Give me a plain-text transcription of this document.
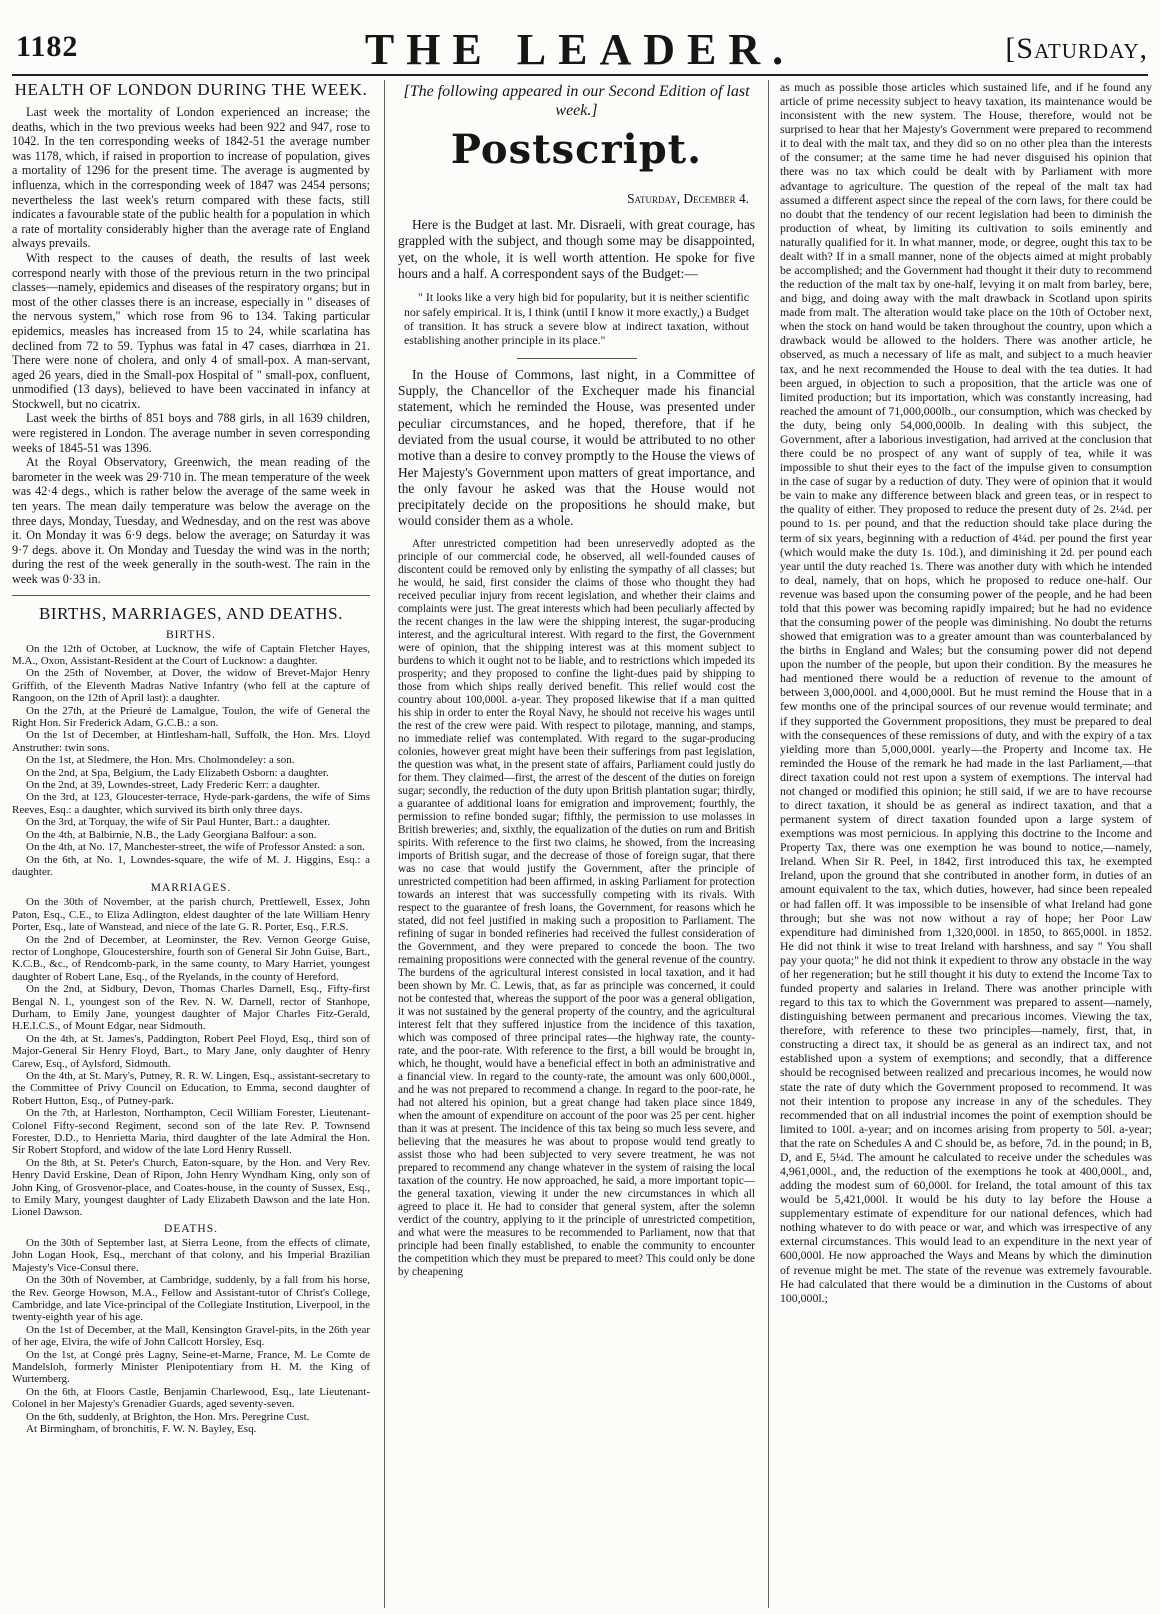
1182	THE LEADER.	[Saturday,
HEALTH OF LONDON DURING THE WEEK.

Last week the mortality of London experienced an increase; the deaths, which in the two previous weeks had been 922 and 947, rose to 1042. In the ten corresponding weeks of 1842-51 the average number was 1178, which, if raised in proportion to increase of population, gives a mortality of 1296 for the present time. The average is augmented by influenza, which in the corresponding week of 1847 was 2454 persons; nevertheless the last week's return compared with these facts, still indicates a favourable state of the public health for a population in which a rate of mortality considerably higher than the average rate of England always prevails.

With respect to the causes of death, the results of last week correspond nearly with those of the previous return in the two principal classes—namely, epidemics and diseases of the respiratory organs; but in most of the other classes there is an increase, especially in " diseases of the nervous system," which rose from 96 to 134. Taking particular epidemics, measles has increased from 15 to 24, while scarlatina has declined from 72 to 59. Typhus was fatal in 47 cases, diarrhœa in 21. There were none of cholera, and only 4 of small-pox. A man-servant, aged 26 years, died in the Small-pox Hospital of " small-pox, confluent, unmodified (13 days), believed to have been vaccinated in infancy at Stockwell, but no cicatrix.

Last week the births of 851 boys and 788 girls, in all 1639 children, were registered in London. The average number in seven corresponding weeks of 1845-51 was 1396.

At the Royal Observatory, Greenwich, the mean reading of the barometer in the week was 29·710 in. The mean temperature of the week was 42·4 degs., which is rather below the average of the same week in ten years. The mean daily temperature was below the average on the three days, Monday, Tuesday, and Wednesday, and on the rest was above it. On Monday it was 6·9 degs. below the average; on Saturday it was 9·7 degs. above it. On Monday and Tuesday the wind was in the north; during the rest of the week generally in the south-west. The rain in the week was 0·33 in.

BIRTHS, MARRIAGES, AND DEATHS.
BIRTHS.

On the 12th of October, at Lucknow, the wife of Captain Fletcher Hayes, M.A., Oxon, Assistant-Resident at the Court of Lucknow: a daughter.

On the 25th of November, at Dover, the widow of Brevet-Major Henry Griffith, of the Eleventh Madras Native Infantry (who fell at the capture of Rangoon, on the 12th of April last): a daughter.

On the 27th, at the Prieuré de Lamalgue, Toulon, the wife of General the Right Hon. Sir Frederick Adam, G.C.B.: a son.

On the 1st of December, at Hintlesham-hall, Suffolk, the Hon. Mrs. Lloyd Anstruther: twin sons.

On the 1st, at Sledmere, the Hon. Mrs. Cholmondeley: a son.

On the 2nd, at Spa, Belgium, the Lady Elizabeth Osborn: a daughter.

On the 2nd, at 39, Lowndes-street, Lady Frederic Kerr: a daughter.

On the 3rd, at 123, Gloucester-terrace, Hyde-park-gardens, the wife of Sims Reeves, Esq.: a daughter, which survived its birth only three days.

On the 3rd, at Torquay, the wife of Sir Paul Hunter, Bart.: a daughter.

On the 4th, at Balbirnie, N.B., the Lady Georgiana Balfour: a son.

On the 4th, at No. 17, Manchester-street, the wife of Professor Ansted: a son.

On the 6th, at No. 1, Lowndes-square, the wife of M. J. Higgins, Esq.: a daughter.

MARRIAGES.

On the 30th of November, at the parish church, Prettlewell, Essex, John Paton, Esq., C.E., to Eliza Adlington, eldest daughter of the late William Henry Porter, Esq., late of Wanstead, and niece of the late G. R. Porter, Esq., F.R.S.

On the 2nd of December, at Leominster, the Rev. Vernon George Guise, rector of Longhope, Gloucestershire, fourth son of General Sir John Guise, Bart., K.C.B., &c., of Rendcomb-park, in the same county, to Mary Harriet, youngest daughter of Robert Lane, Esq., of the Ryelands, in the county of Hereford.

On the 2nd, at Sidbury, Devon, Thomas Charles Darnell, Esq., Fifty-first Bengal N. I., youngest son of the Rev. N. W. Darnell, rector of Stanhope, Durham, to Emily Jane, youngest daughter of Major Charles Fitz-Gerald, H.E.I.C.S., of Mount Edgar, near Sidmouth.

On the 4th, at St. James's, Paddington, Robert Peel Floyd, Esq., third son of Major-General Sir Henry Floyd, Bart., to Mary Jane, only daughter of Henry Carew, Esq., of Aylsford, Sidmouth.

On the 4th, at St. Mary's, Putney, R. R. W. Lingen, Esq., assistant-secretary to the Committee of Privy Council on Education, to Emma, second daughter of Robert Hutton, Esq., of Putney-park.

On the 7th, at Harleston, Northampton, Cecil William Forester, Lieutenant-Colonel Fifty-second Regiment, second son of the late Rev. P. Townsend Forester, D.D., to Henrietta Maria, third daughter of the late Admiral the Hon. Sir Robert Stopford, and widow of the late Lord Henry Russell.

On the 8th, at St. Peter's Church, Eaton-square, by the Hon. and Very Rev. Henry David Erskine, Dean of Ripon, John Henry Wyndham King, only son of John King, of Grosvenor-place, and Coates-house, in the county of Sussex, Esq., to Emily Mary, youngest daughter of Lady Elizabeth Dawson and the late Hon. Lionel Dawson.

DEATHS.

On the 30th of September last, at Sierra Leone, from the effects of climate, John Logan Hook, Esq., merchant of that colony, and his Imperial Brazilian Majesty's Vice-Consul there.

On the 30th of November, at Cambridge, suddenly, by a fall from his horse, the Rev. George Howson, M.A., Fellow and Assistant-tutor of Christ's College, Cambridge, and late Vice-principal of the Collegiate Institution, Liverpool, in the twenty-eighth year of his age.

On the 1st of December, at the Mall, Kensington Gravel-pits, in the 26th year of her age, Elvira, the wife of John Callcott Horsley, Esq.

On the 1st, at Congé près Lagny, Seine-et-Marne, France, M. Le Comte de Mandelsloh, formerly Minister Plenipotentiary from H. M. the King of Wurtemberg.

On the 6th, at Floors Castle, Benjamin Charlewood, Esq., late Lieutenant-Colonel in her Majesty's Grenadier Guards, aged seventy-seven.

On the 6th, suddenly, at Brighton, the Hon. Mrs. Peregrine Cust.

At Birmingham, of bronchitis, F. W. N. Bayley, Esq.

[The following appeared in our Second Edition of last week.]
Postscript.
Saturday, December 4.

Here is the Budget at last. Mr. Disraeli, with great courage, has grappled with the subject, and though some may be disappointed, yet, on the whole, it is well worth attention. He spoke for five hours and a half. A correspondent says of the Budget:—

" It looks like a very high bid for popularity, but it is neither scientific nor safely empirical. It is, I think (until I know it more exactly,) a Budget of transition. It has struck a severe blow at indirect taxation, without establishing another principle in its place."

In the House of Commons, last night, in a Committee of Supply, the Chancellor of the Exchequer made his financial statement, which he reminded the House, was presented under peculiar circumstances, and he hoped, therefore, that if he deviated from the usual course, it would be attributed to no other motive than a desire to convey promptly to the House the views of Her Majesty's Government upon matters of great importance, and the only favour he asked was that the House would not precipitately decide on the propositions he should make, but would consider them as a whole.

After unrestricted competition had been unreservedly adopted as the principle of our commercial code, he observed, all well-founded causes of discontent could be removed only by enlisting the sympathy of all classes; but he would, he said, first consider the claims of those who thought they had received peculiar injury from recent legislation, and whether their claims and complaints were just. The great interests which had been peculiarly affected by the recent changes in the law were the shipping interest, the sugar-producing interest, and the agricultural interest. With regard to the first, the Government were of opinion, that the shipping interest was at this moment subject to burdens to which it ought not to be liable, and to restrictions which impeded its prosperity; and they proposed to confine the light-dues paid by shipping to those from which ships really derived benefit. This relief would cost the country about 100,000l. a-year. They proposed likewise that if a man quitted his ship in order to enter the Royal Navy, he should not receive his wages until the rest of the crew were paid. With respect to pilotage, manning, and stamps, no immediate relief was contemplated. With regard to the sugar-producing colonies, however great might have been their sufferings from past legislation, the question was what, in the present state of affairs, Parliament could justly do for them. They claimed—first, the arrest of the descent of the duties on foreign sugar; secondly, the reduction of the duty upon British plantation sugar; thirdly, a guarantee of additional loans for emigration and improvement; fourthly, the permission to refine bonded sugar; fifthly, the permission to use molasses in British breweries; and, sixthly, the equalization of the duties on rum and British spirits. With reference to the first two claims, he showed, from the increasing imports of British sugar, and the decrease of those of foreign sugar, that there was no case that would justify the Government, after the principle of unrestricted competition had been affirmed, in asking Parliament for protection towards an interest that was successfully competing with its rivals. With respect to the guarantee of fresh loans, the Government, for reasons which he stated, did not feel justified in making such a proposition to Parliament. The refining of sugar in bonded refineries had received the fullest consideration of the Government, and they were prepared to concede the boon. The two remaining propositions were connected with the general revenue of the country. The burdens of the agricultural interest consisted in local taxation, and it had been shown by Mr. C. Lewis, that, as far as principle was concerned, it could not be contested that, whereas the support of the poor was a general obligation, it was not sustained by the general property of the country, and the agricultural interest felt that they suffered injustice from the incidence of this taxation, which was composed of three principal rates—the highway rate, the county-rate, and the poor-rate. With reference to the first, a bill would be brought in, which, he thought, would have a beneficial effect in both an administrative and a financial view. In regard to the county-rate, the amount was only 600,000l., and he was not prepared to recommend a change. In regard to the poor-rate, he had not altered his opinion, but a great change had taken place since 1849, when the amount of expenditure on account of the poor was 25 per cent. higher than it was at present. The incidence of this tax being so much less severe, and believing that the measures he was about to propose would tend greatly to assist those who had been subjected to very severe treatment, he was not prepared to recommend any change whatever in the system of raising the local taxation of the country. He now approached, he said, a more important topic—the general taxation, viewing it under the new circumstances in which all agreed to place it. He had to consider that general system, after the solemn verdict of the country, applying to it the principle of unrestricted competition, and what were the measures to be recommended to Parliament, now that that principle had been finally established, to enable the community to encounter the competition which they must be prepared to meet? This could only be done by cheapening

as much as possible those articles which sustained life, and if he found any article of prime necessity subject to heavy taxation, its maintenance would be inconsistent with the new system. The House, therefore, would not be surprised to hear that her Majesty's Government were prepared to recommend it to deal with the malt tax, and they did so on no other plea than the interests of the consumer; at the same time he had never disguised his opinion that there was no tax which could be dealt with by Parliament with more advantage to agriculture. The question of the repeal of the malt tax had assumed a different aspect since the repeal of the corn laws, for there could be no doubt that the tendency of our recent legislation had been to diminish the production of wheat, by limiting its cultivation to soils eminently and naturally qualified for it. In what manner, mode, or degree, ought this tax to be dealt with? If in a small manner, none of the objects aimed at might probably be accomplished; and the Government had thought it their duty to recommend the reduction of the malt tax by one-half, levying it on malt from barley, bere, and bigg, and doing away with the malt drawback in Scotland upon spirits made from malt. The alteration would take place on the 10th of October next, when the stock on hand would be taken throughout the country, upon which a drawback would be allowed to the holders. There was another article, he observed, as much a necessary of life as malt, and subject to a much heavier tax, and he next recommended the House to deal with the tea duties. It had been argued, in objection to such a proposition, that the article was one of limited production; but its importation, which was constantly increasing, had reached the amount of 71,000,000lb., our consumption, which was checked by the duty, being only 54,000,000lb. In dealing with this subject, the Government, after a laborious investigation, had arrived at the conclusion that there could be no prospect of any want of supply of tea, while it was impossible to shut their eyes to the fact of the impulse given to consumption in the case of sugar by a reduction of duty. They were of opinion that it would be vain to make any difference between black and green teas, or in respect to the quality of either. They proposed to reduce the present duty of 2s. 2¼d. per pound to 1s. per pound, and that the reduction should take place during the term of six years, beginning with a reduction of 4¼d. per pound the first year (which would make the duty 1s. 10d.), and diminishing it 2d. per pound each year until the duty reached 1s. There was another duty with which he intended to deal, namely, that on hops, which he proposed to reduce one-half. Our revenue was based upon the consuming power of the people, and he had been told that this power was becoming rapidly impaired; but he had no evidence that the consuming power of the people was diminishing. No doubt the returns showed that emigration was to a greater amount than was counterbalanced by the births in England and Wales; but the consuming power did not depend upon the number of the people, but upon their condition. By the measures he had mentioned there would be a reduction of revenue to the amount of between 3,000,000l. and 4,000,000l. But he must remind the House that in a few months one of the principal sources of our revenue would terminate; and if they supported the Government propositions, they must be prepared to deal with the consequences of these remissions of duty, and with the expiry of a tax yielding more than 5,000,000l. yearly—the Property and Income tax. He reminded the House of the remark he had made in the last Parliament,—that direct taxation could not rest upon a system of exemptions. The interval had not changed or modified this opinion; he still said, if we are to have recourse to direct taxation, it should be as general as indirect taxation, and that a permanent system of direct taxation founded upon a large system of exemptions was most pernicious. In applying this doctrine to the Income and Property Tax, there was one exemption he was bound to notice,—namely, Ireland. When Sir R. Peel, in 1842, first introduced this tax, he exempted Ireland, upon the ground that she contributed in another form, in duties of an amount equivalent to the tax, which duties, however, had since been repealed or had fallen off. It was impossible to be insensible of what Ireland had gone through; but she was not now without a ray of hope; her Poor Law expenditure had diminished from 1,320,000l. in 1850, to 865,000l. in 1852. He did not think it wise to treat Ireland with harshness, and say " You shall pay your quota;" he did not think it expedient to throw any obstacle in the way of her regeneration; but he still thought it his duty to extend the Income Tax to funded property and salaries in Ireland. There was another principle with regard to this tax to which the Government was prepared to assent—namely, distinguishing between permanent and precarious incomes. Viewing the tax, therefore, with reference to these two principles—namely, first, that, in constructing a direct tax, it should be as general as an indirect tax, and not established upon a system of exemptions; and secondly, that a difference should be recognised between realized and precarious incomes, he would now state the rate of duty which the Government proposed to recommend. It was not their intention to propose any increase in any of the schedules. They recommended that on all industrial incomes the point of exemption should be limited to 100l. a-year; and on incomes arising from property to 50l. a-year; that the rate on Schedules A and C should be, as before, 7d. in the pound; in B, D, and E, 5¼d. The amount he calculated to receive under the schedules was 4,961,000l., and, the reduction of the exemptions he took at 400,000l., and, adding the modest sum of 60,000l. for Ireland, the total amount of this tax would be 5,421,000l. It would be his duty to lay before the House a supplementary estimate of expenditure for our national defences, which had nothing whatever to do with peace or war, and which was irrespective of any external circumstances. This would lead to an expenditure in the next year of 600,000l. He now approached the Ways and Means by which the diminution of revenue might be met. The state of the revenue was extremely favourable. He had calculated that there would be a diminution in the Customs of about 100,000l.;
